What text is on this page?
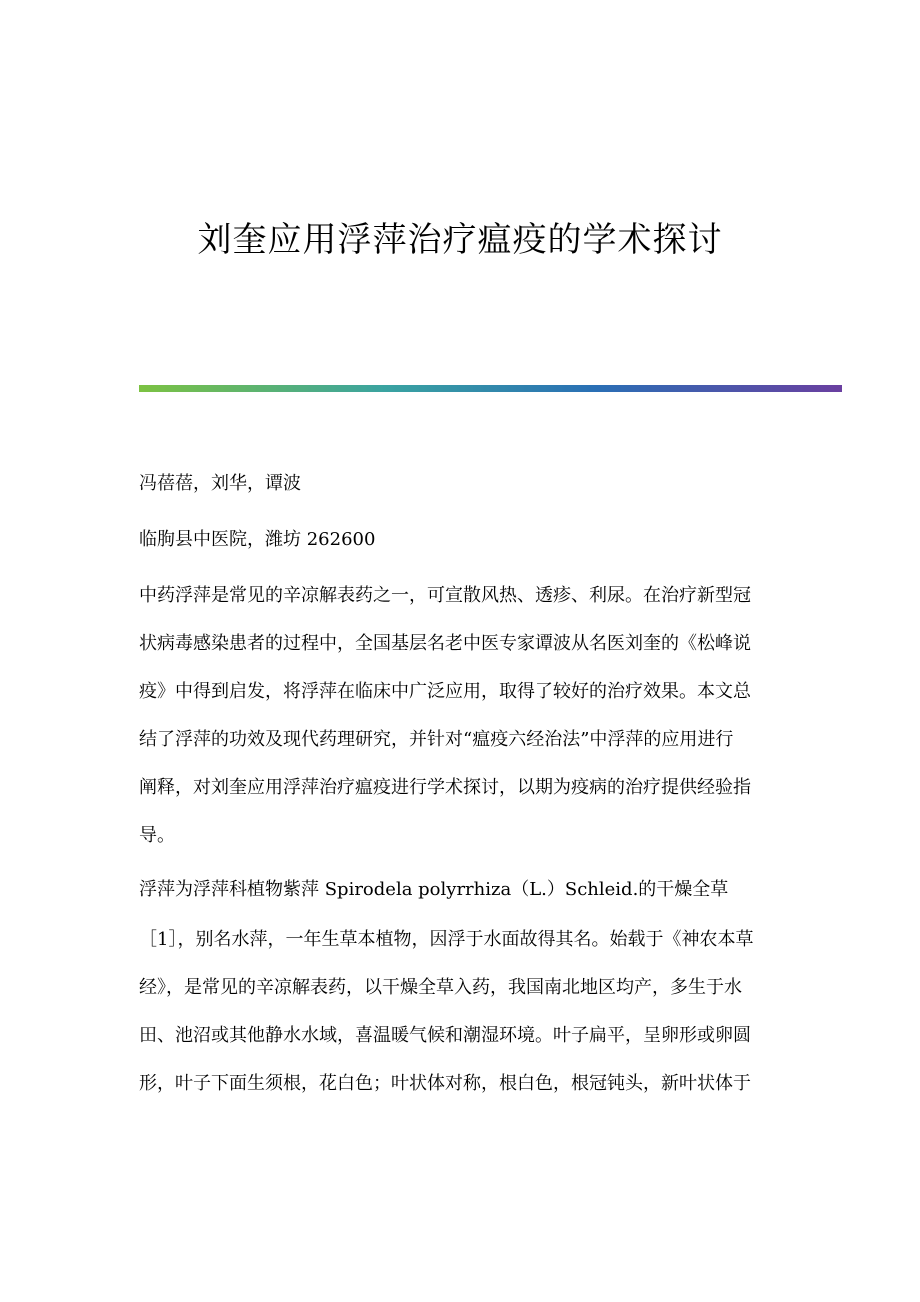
刘奎应用浮萍治疗瘟疫的学术探讨

冯蓓蓓，刘华，谭波

临朐县中医院，潍坊 262600

中药浮萍是常见的辛凉解表药之一，可宣散风热、透疹、利尿。在治疗新型冠

状病毒感染患者的过程中，全国基层名老中医专家谭波从名医刘奎的《松峰说

疫》中得到启发，将浮萍在临床中广泛应用，取得了较好的治疗效果。本文总

结了浮萍的功效及现代药理研究，并针对“瘟疫六经治法”中浮萍的应用进行

阐释，对刘奎应用浮萍治疗瘟疫进行学术探讨，以期为疫病的治疗提供经验指

导。

浮萍为浮萍科植物紫萍 Spirodela polyrrhiza（L.）Schleid.的干燥全草

［1］，别名水萍，一年生草本植物，因浮于水面故得其名。始载于《神农本草

经》，是常见的辛凉解表药，以干燥全草入药，我国南北地区均产，多生于水

田、池沼或其他静水水域，喜温暖气候和潮湿环境。叶子扁平，呈卵形或卵圆

形，叶子下面生须根，花白色；叶状体对称，根白色，根冠钝头，新叶状体于
